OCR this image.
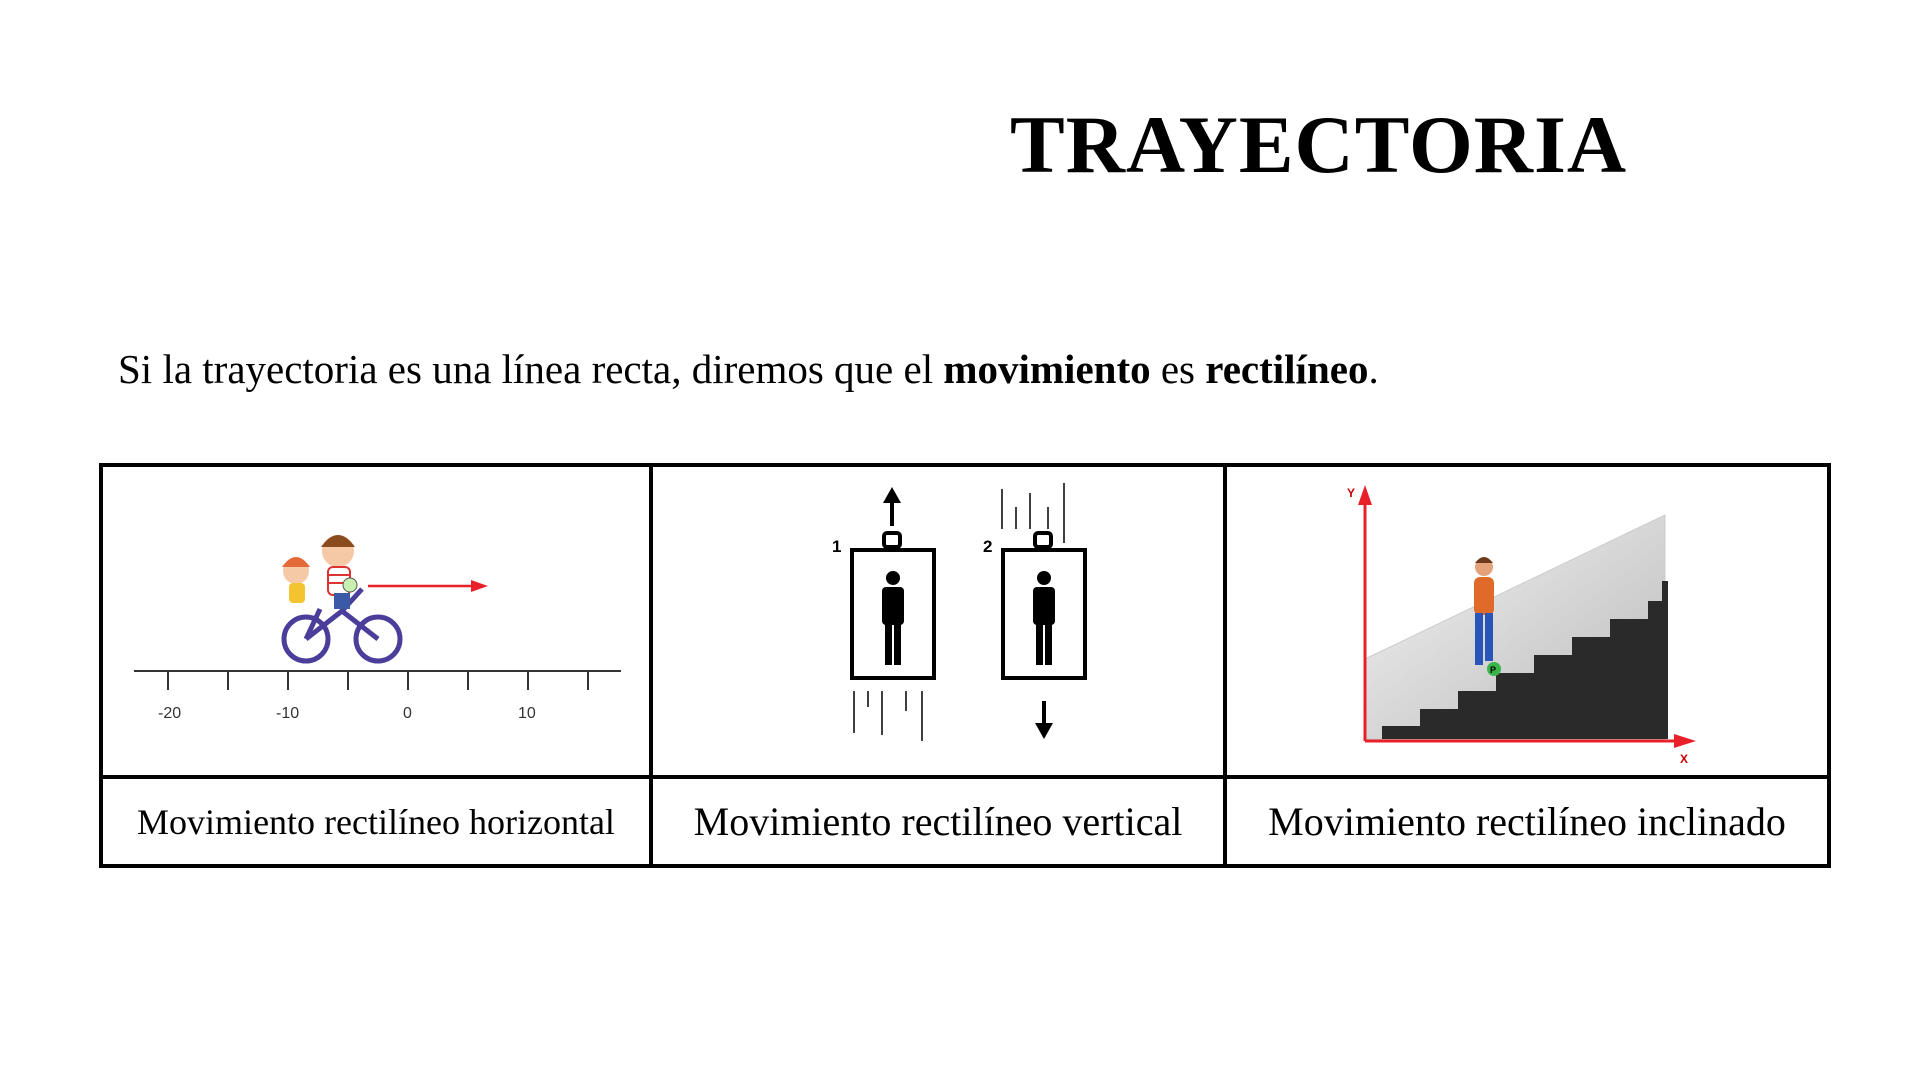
TRAYECTORIA
Si la trayectoria es una línea recta, diremos que el movimiento es rectilíneo.
-20 -10 0 10	1 2	P
Y
X

Movimiento rectilíneo horizontal	Movimiento rectilíneo vertical	Movimiento rectilíneo inclinado
